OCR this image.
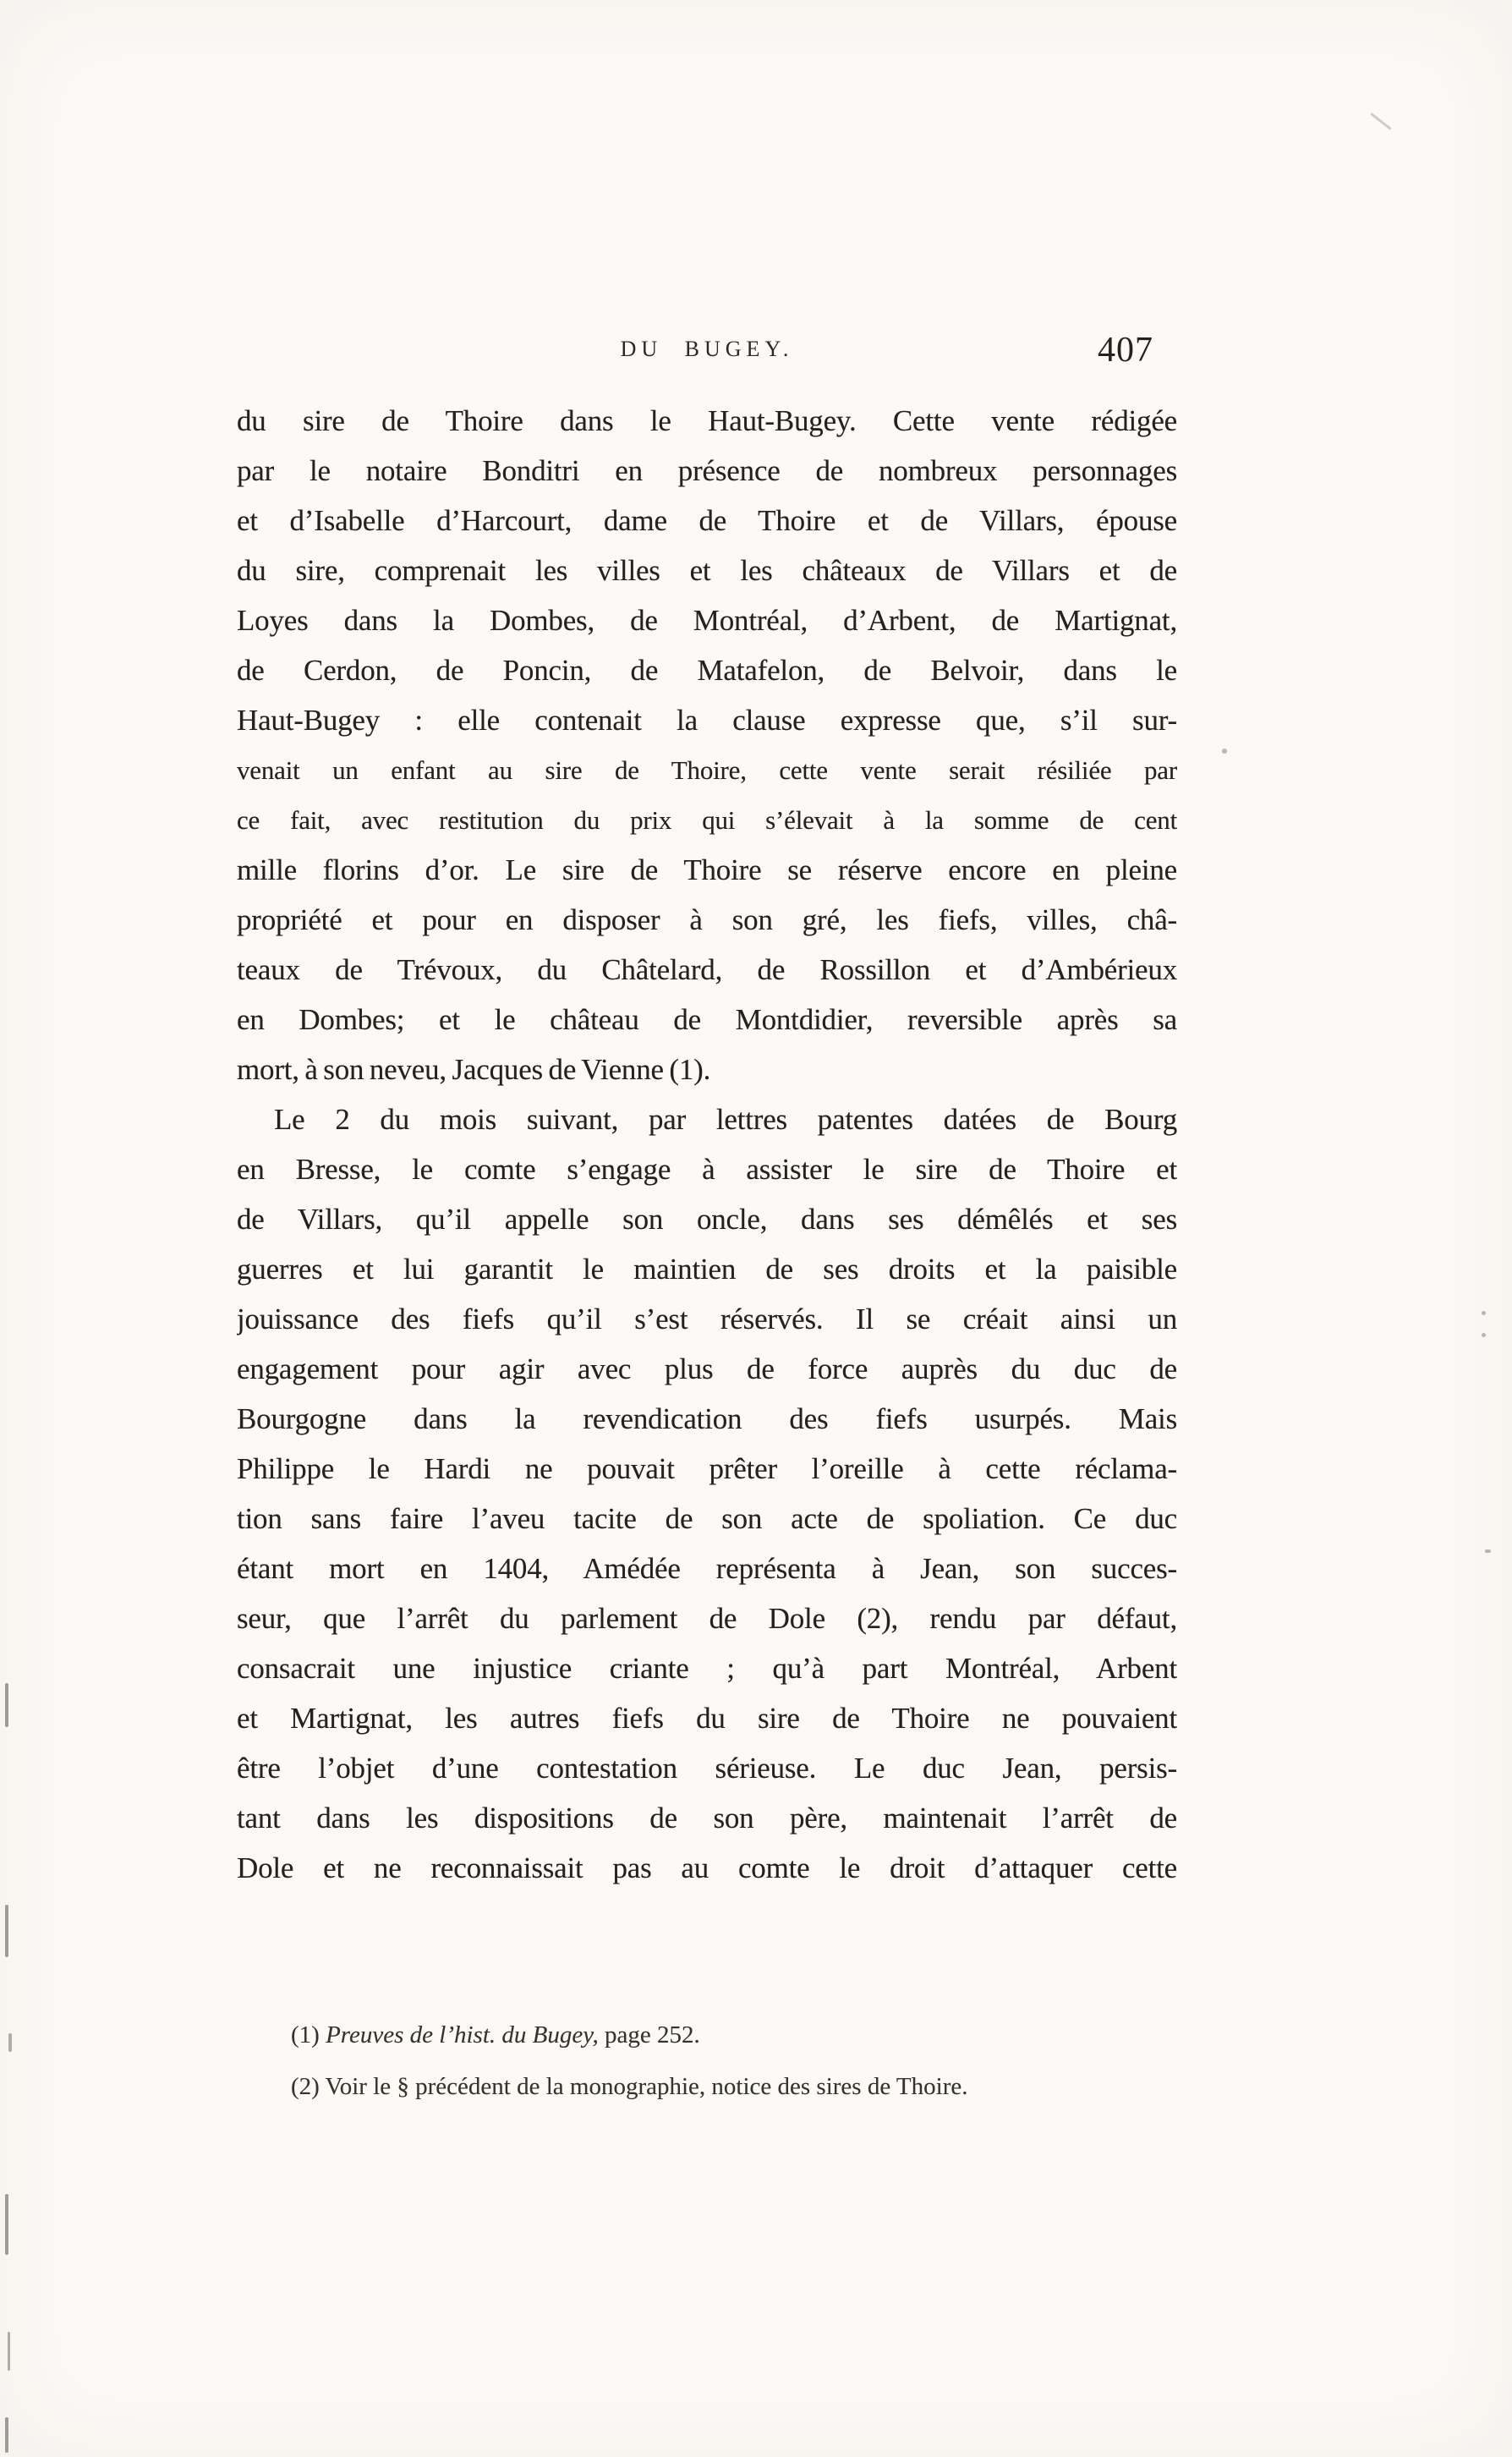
DU BUGEY.	407
du sire de Thoire dans le Haut-Bugey. Cette vente rédigée
par le notaire Bonditri en présence de nombreux personnages
et d’Isabelle d’Harcourt, dame de Thoire et de Villars, épouse
du sire, comprenait les villes et les châteaux de Villars et de
Loyes dans la Dombes, de Montréal, d’Arbent, de Martignat,
de Cerdon, de Poncin, de Matafelon, de Belvoir, dans le
Haut-Bugey : elle contenait la clause expresse que, s’il sur-
venait un enfant au sire de Thoire, cette vente serait résiliée par
ce fait, avec restitution du prix qui s’élevait à la somme de cent
mille florins d’or. Le sire de Thoire se réserve encore en pleine
propriété et pour en disposer à son gré, les fiefs, villes, châ-
teaux de Trévoux, du Châtelard, de Rossillon et d’Ambérieux
en Dombes; et le château de Montdidier, reversible après sa
mort, à son neveu, Jacques de Vienne (1).
Le 2 du mois suivant, par lettres patentes datées de Bourg
en Bresse, le comte s’engage à assister le sire de Thoire et
de Villars, qu’il appelle son oncle, dans ses démêlés et ses
guerres et lui garantit le maintien de ses droits et la paisible
jouissance des fiefs qu’il s’est réservés. Il se créait ainsi un
engagement pour agir avec plus de force auprès du duc de
Bourgogne dans la revendication des fiefs usurpés. Mais
Philippe le Hardi ne pouvait prêter l’oreille à cette réclama-
tion sans faire l’aveu tacite de son acte de spoliation. Ce duc
étant mort en 1404, Amédée représenta à Jean, son succes-
seur, que l’arrêt du parlement de Dole (2), rendu par défaut,
consacrait une injustice criante ; qu’à part Montréal, Arbent
et Martignat, les autres fiefs du sire de Thoire ne pouvaient
être l’objet d’une contestation sérieuse. Le duc Jean, persis-
tant dans les dispositions de son père, maintenait l’arrêt de
Dole et ne reconnaissait pas au comte le droit d’attaquer cette
(1) Preuves de l’hist. du Bugey, page 252.
(2) Voir le § précédent de la monographie, notice des sires de Thoire.
